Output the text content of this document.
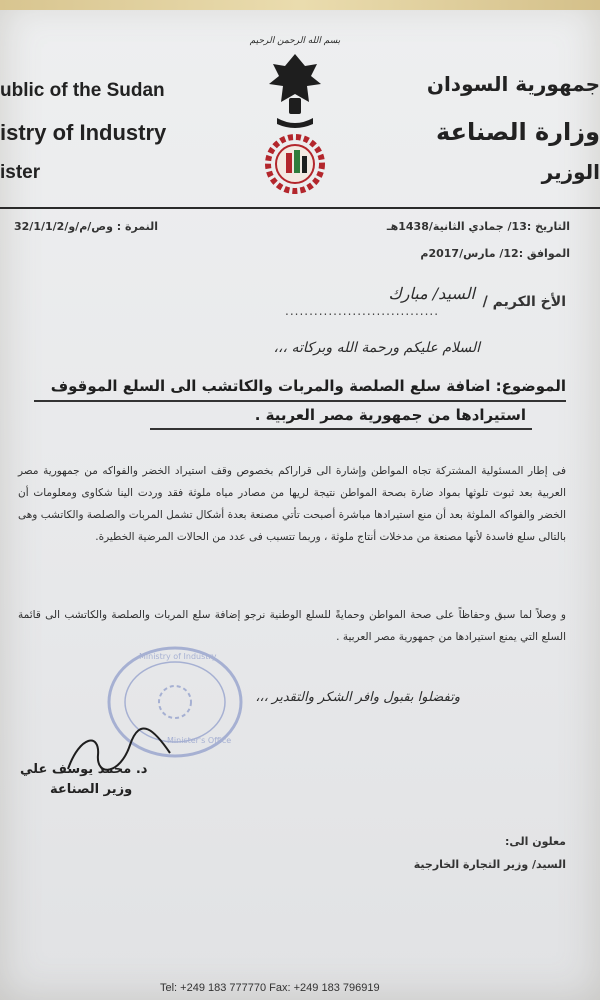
ublic of the Sudan
istry of Industry
ister
جمهورية السودان
وزارة الصناعة
الوزير
بسم الله الرحمن الرحيم
التاريخ :13/ جمادي الثانية/1438هـ
الموافق :12/ مارس/2017م
النمرة : وص/م/و/32/1/1/2
الأخ الكريم /
السيد/ مبارك
................................
السلام عليكم ورحمة الله وبركاته ،،،
الموضوع: اضافة سلع الصلصة والمربات والكاتشب الى السلع الموقوف
استيرادها من جمهورية مصر العربية .
فى إطار المسئولية المشتركة تجاه المواطن وإشارة الى قراراكم بخصوص وقف استيراد الخضر والفواكه من جمهورية مصر العربية بعد ثبوت تلوثها بمواد ضارة بصحة المواطن نتيجة لريها من مصادر مياه ملوثة فقد وردت الينا شكاوى ومعلومات أن الخضر والفواكه الملوثة بعد أن منع استيرادها مباشرة أصبحت تأتي مصنعة بعدة أشكال تشمل المربات والصلصة والكاتشب وهى بالتالى سلع فاسدة لأنها مصنعة من مدخلات أنتاج ملوثة ، وربما تتسبب فى عدد من الحالات المرضية الخطيرة.
و وصلاً لما سبق وحفاظاً على صحة المواطن وحمايةً للسلع الوطنية نرجو إضافة سلع المربات والصلصة والكاتشب الى قائمة السلع التي يمنع استيرادها من جمهورية مصر العربية .
وتفضلوا بقبول وافر الشكر والتقدير ،،،
Ministry of Industry
Minister's Office
د. محمد يوسف علي
وزير الصناعة
معلون الى:
السيد/ وزير التجارة الخارجية
Tel: +249 183 777770 Fax: +249 183 796919
